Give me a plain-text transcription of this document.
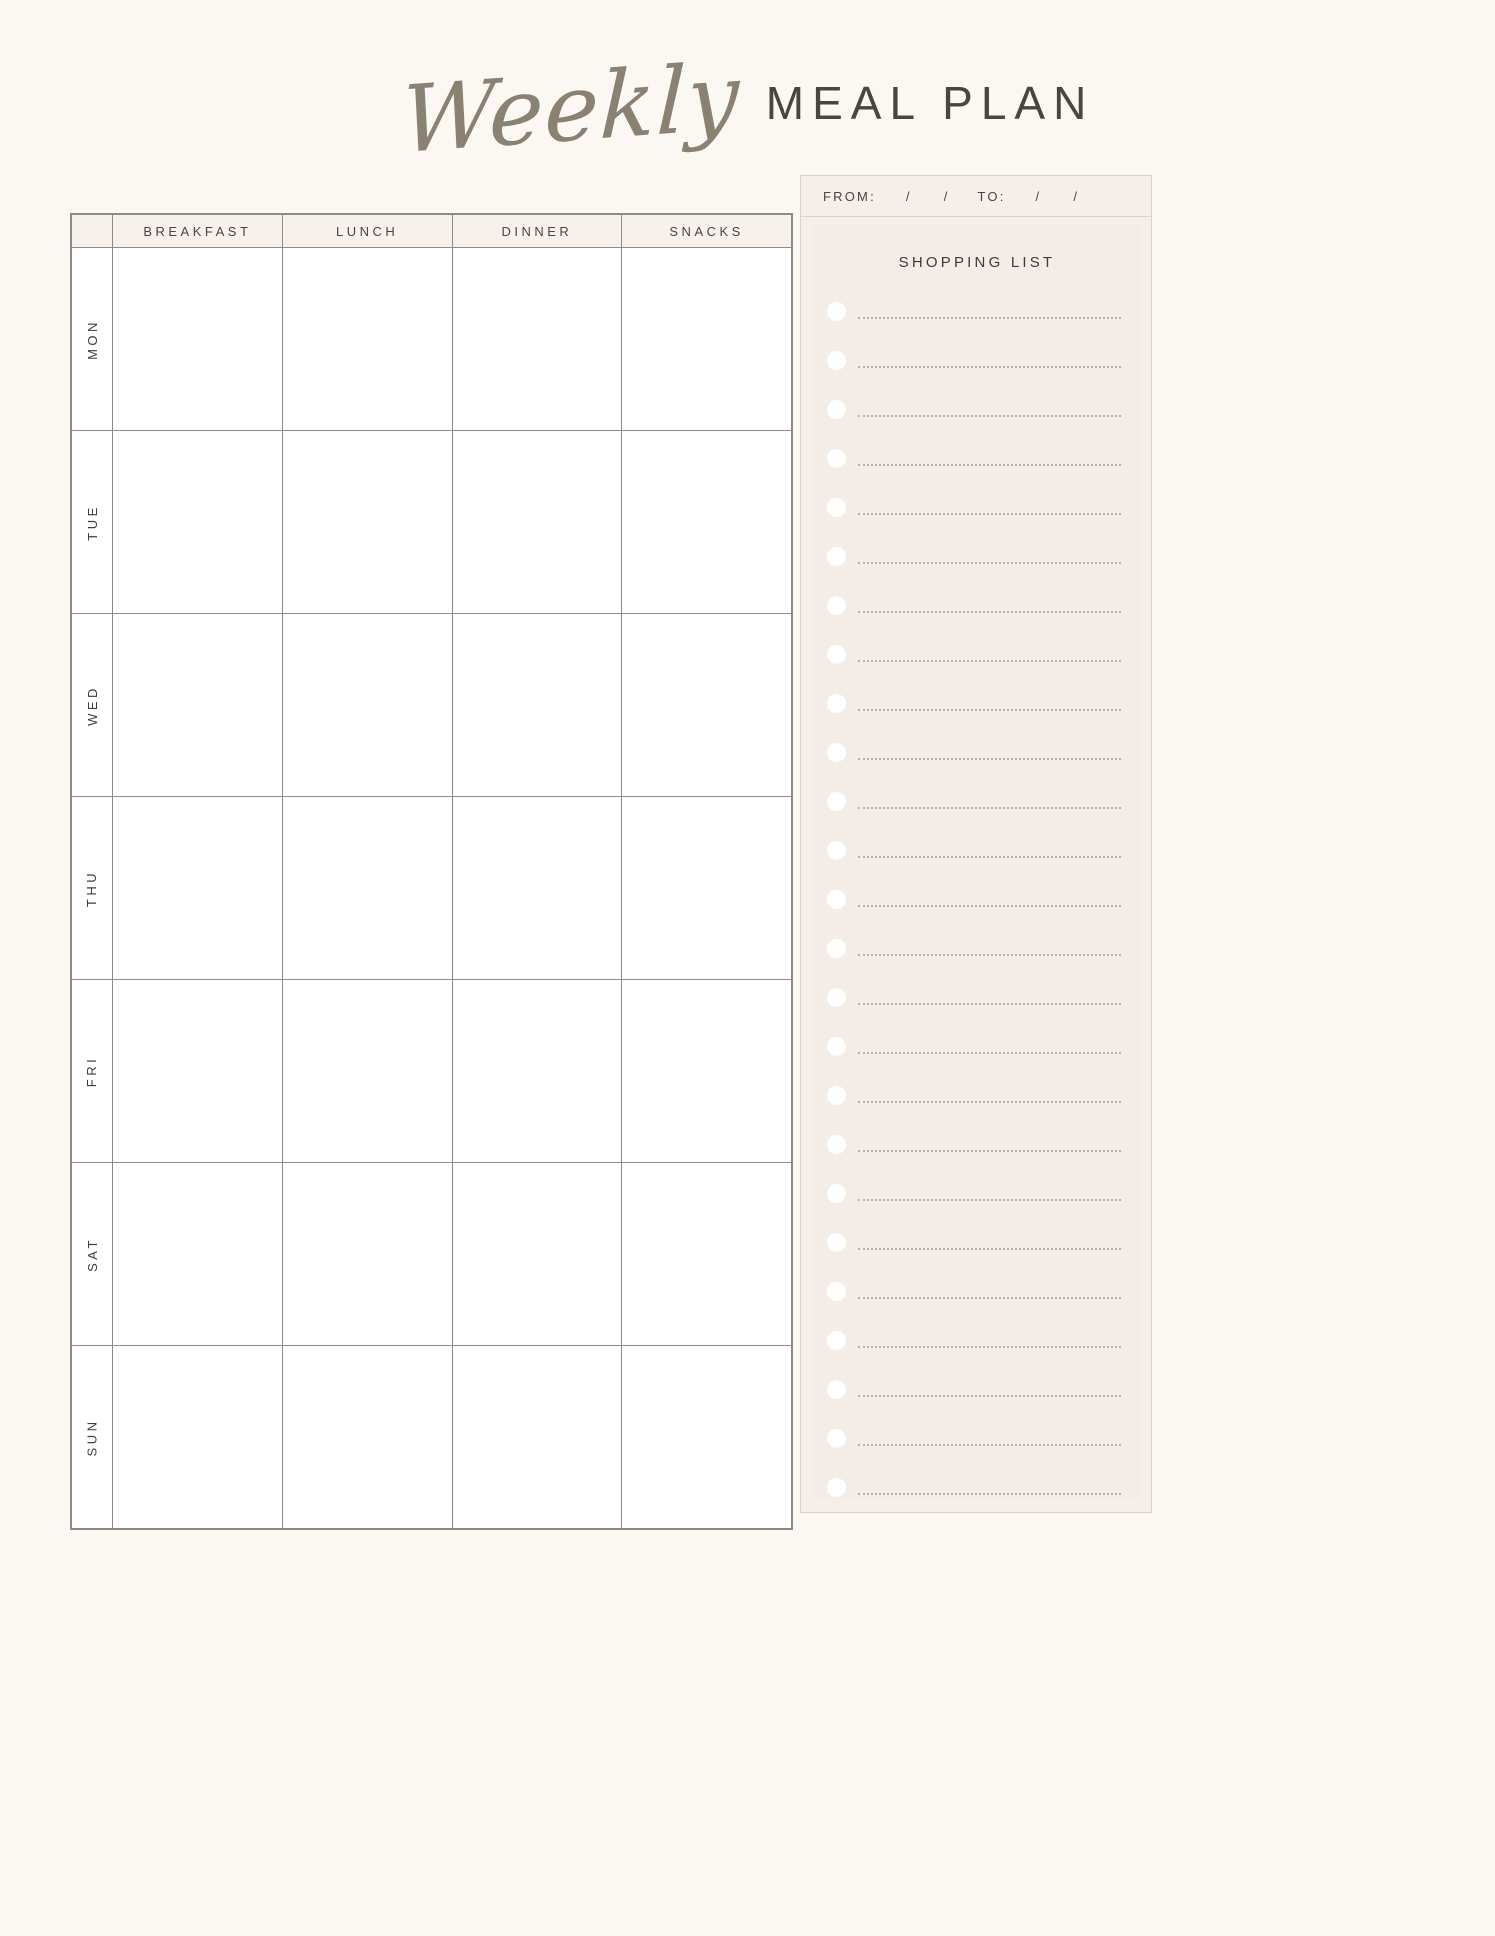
Weekly MEAL PLAN
	BREAKFAST	LUNCH	DINNER	SNACKS

MON				

TUE				

WED				

THU				

FRI				

SAT				

SUN				

FROM: / / TO: / /
SHOPPING LIST
